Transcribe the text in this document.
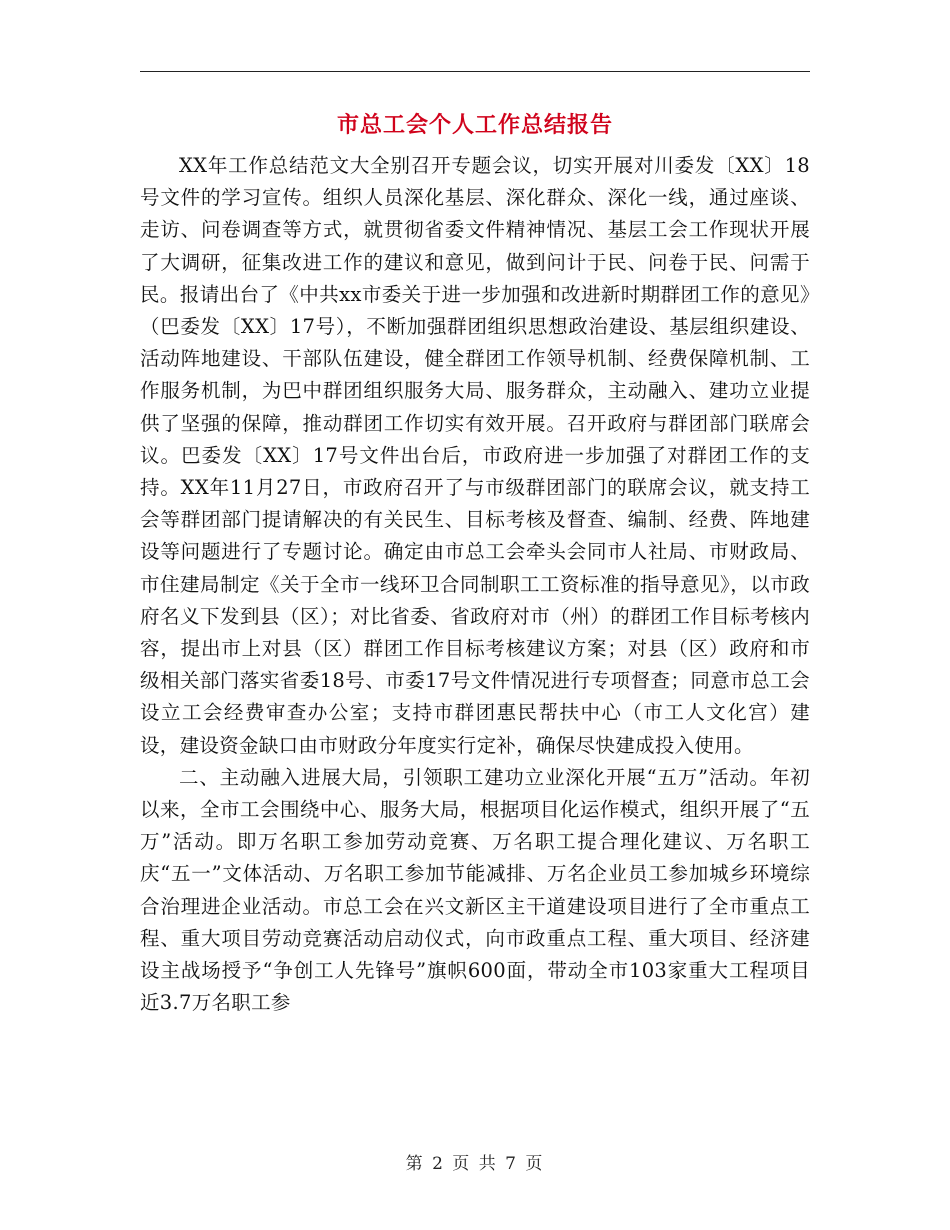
市总工会个人工作总结报告

XX年工作总结范文大全别召开专题会议，切实开展对川委发〔XX〕18号文件的学习宣传。组织人员深化基层、深化群众、深化一线，通过座谈、走访、问卷调查等方式，就贯彻省委文件精神情况、基层工会工作现状开展了大调研，征集改进工作的建议和意见，做到问计于民、问卷于民、问需于民。报请出台了《中共xx市委关于进一步加强和改进新时期群团工作的意见》（巴委发〔XX〕17号），不断加强群团组织思想政治建设、基层组织建设、活动阵地建设、干部队伍建设，健全群团工作领导机制、经费保障机制、工作服务机制，为巴中群团组织服务大局、服务群众，主动融入、建功立业提供了坚强的保障，推动群团工作切实有效开展。召开政府与群团部门联席会议。巴委发〔XX〕17号文件出台后，市政府进一步加强了对群团工作的支持。XX年11月27日，市政府召开了与市级群团部门的联席会议，就支持工会等群团部门提请解决的有关民生、目标考核及督查、编制、经费、阵地建设等问题进行了专题讨论。确定由市总工会牵头会同市人社局、市财政局、市住建局制定《关于全市一线环卫合同制职工工资标准的指导意见》，以市政府名义下发到县（区）；对比省委、省政府对市（州）的群团工作目标考核内容，提出市上对县（区）群团工作目标考核建议方案；对县（区）政府和市级相关部门落实省委18号、市委17号文件情况进行专项督查；同意市总工会设立工会经费审查办公室；支持市群团惠民帮扶中心（市工人文化宫）建设，建设资金缺口由市财政分年度实行定补，确保尽快建成投入使用。

二、主动融入进展大局，引领职工建功立业深化开展“五万”活动。年初以来，全市工会围绕中心、服务大局，根据项目化运作模式，组织开展了“五万”活动。即万名职工参加劳动竞赛、万名职工提合理化建议、万名职工庆“五一”文体活动、万名职工参加节能减排、万名企业员工参加城乡环境综合治理进企业活动。市总工会在兴文新区主干道建设项目进行了全市重点工程、重大项目劳动竞赛活动启动仪式，向市政重点工程、重大项目、经济建设主战场授予“争创工人先锋号”旗帜600面，带动全市103家重大工程项目近3.7万名职工参

第 2 页 共 7 页
